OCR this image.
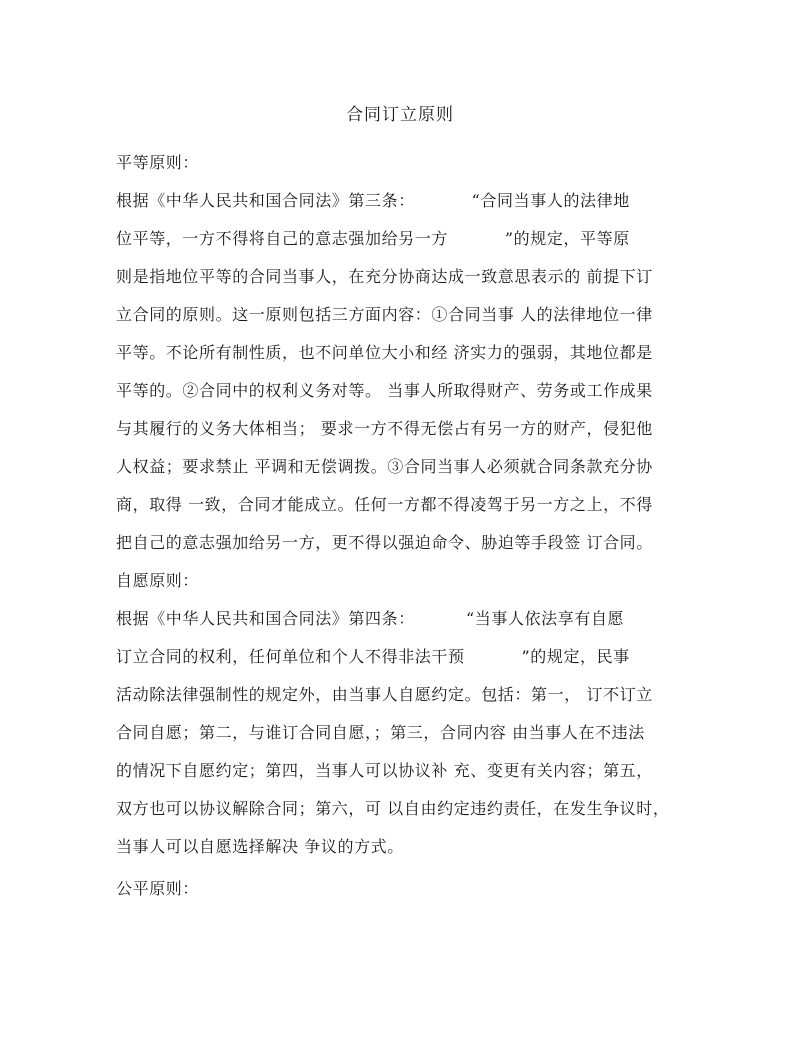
合同订立原则
平等原则：
根据《中华人民共和国合同法》第三条：          “合同当事人的法律地
位平等，一方不得将自己的意志强加给另一方          ”的规定，平等原
则是指地位平等的合同当事人，在充分协商达成一致意思表示的 前提下订
立合同的原则。这一原则包括三方面内容：①合同当事 人的法律地位一律
平等。不论所有制性质，也不问单位大小和经 济实力的强弱，其地位都是
平等的。②合同中的权利义务对等。 当事人所取得财产、劳务或工作成果
与其履行的义务大体相当； 要求一方不得无偿占有另一方的财产，侵犯他
人权益；要求禁止 平调和无偿调拨。③合同当事人必须就合同条款充分协
商，取得 一致，合同才能成立。任何一方都不得凌驾于另一方之上，不得
把自己的意志强加给另一方，更不得以强迫命令、胁迫等手段签 订合同。
自愿原则：
根据《中华人民共和国合同法》第四条：         “当事人依法享有自愿
订立合同的权利，任何单位和个人不得非法干预          ”的规定，民事
活动除法律强制性的规定外，由当事人自愿约定。包括：第一， 订不订立
合同自愿；第二，与谁订合同自愿，；第三，合同内容 由当事人在不违法
的情况下自愿约定；第四，当事人可以协议补 充、变更有关内容；第五，
双方也可以协议解除合同；第六，可 以自由约定违约责任，在发生争议时，
当事人可以自愿选择解决 争议的方式。
公平原则：
